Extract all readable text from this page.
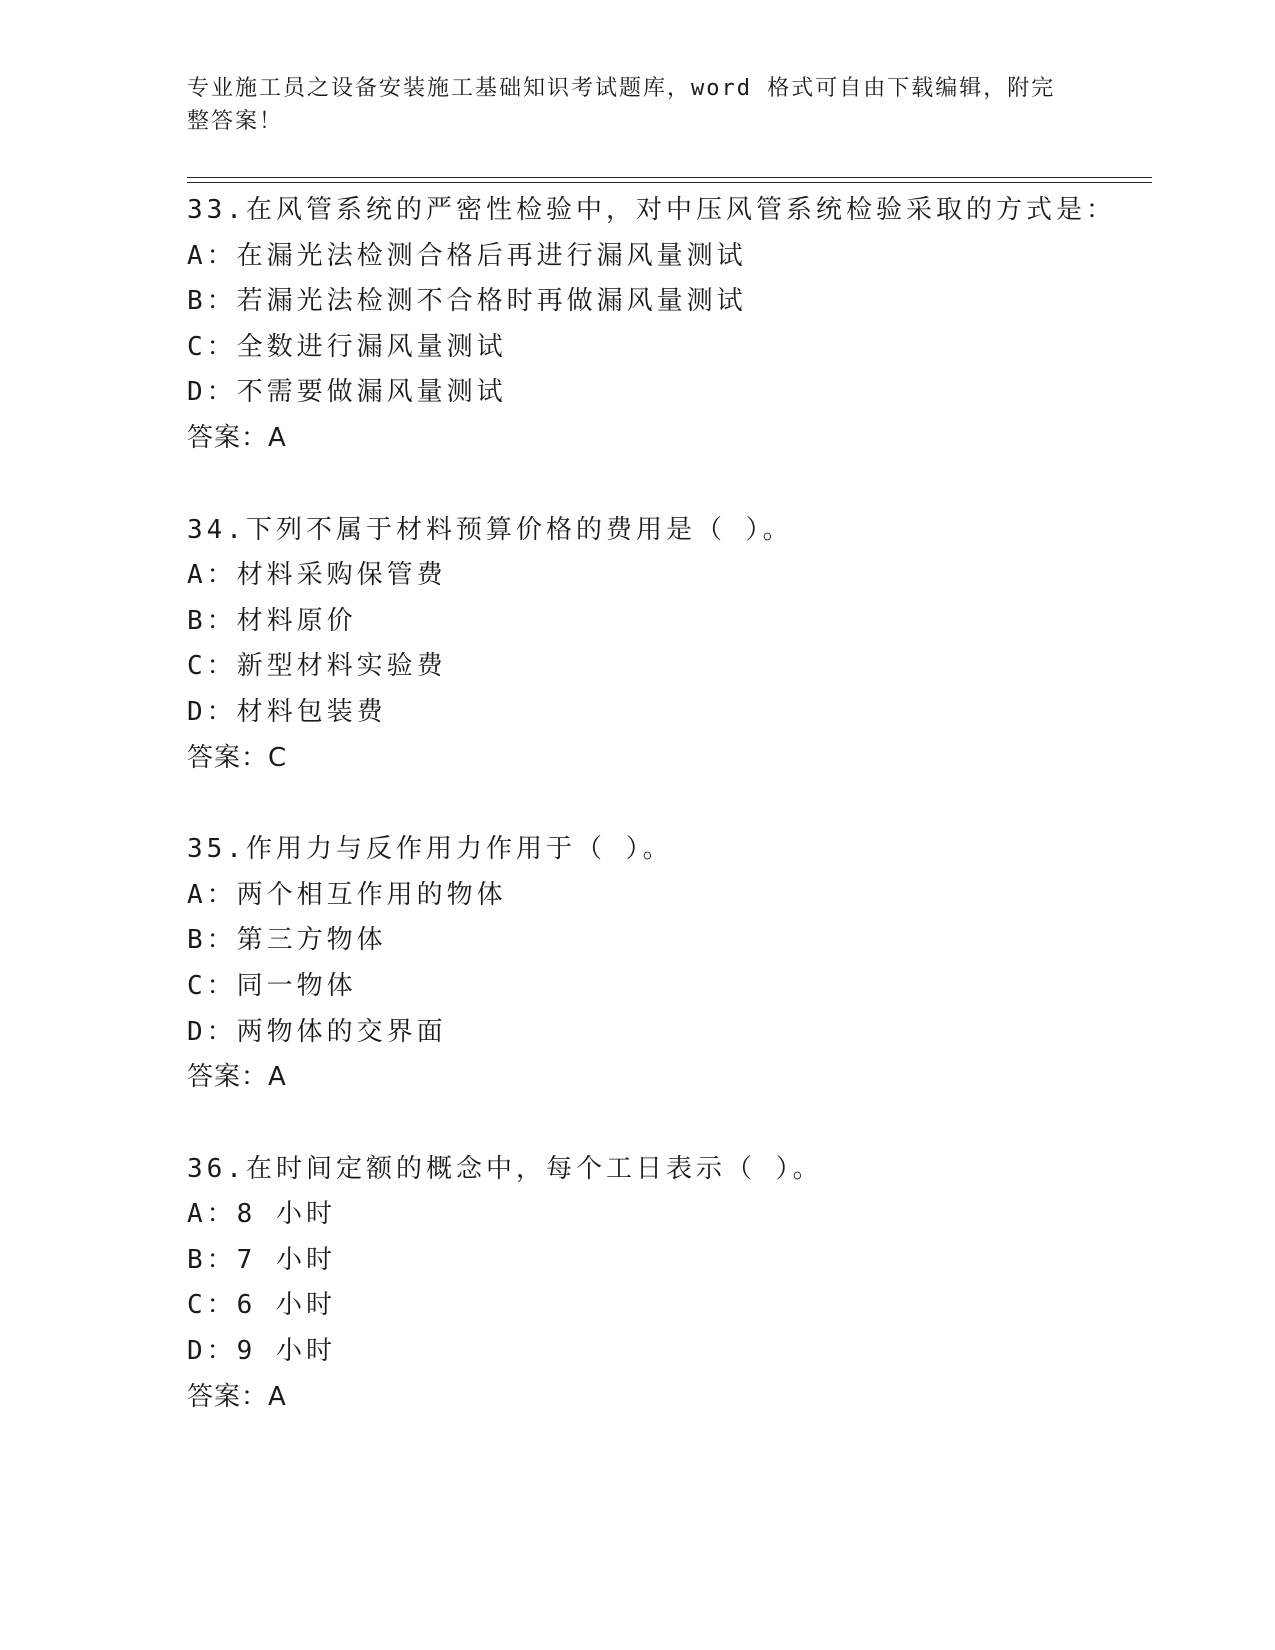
专业施工员之设备安装施工基础知识考试题库，word 格式可自由下载编辑，附完整答案！
33.在风管系统的严密性检验中，对中压风管系统检验采取的方式是：
A：在漏光法检测合格后再进行漏风量测试
B：若漏光法检测不合格时再做漏风量测试
C：全数进行漏风量测试
D：不需要做漏风量测试
答案：A
34.下列不属于材料预算价格的费用是（ ）。
A：材料采购保管费
B：材料原价
C：新型材料实验费
D：材料包装费
答案：C
35.作用力与反作用力作用于（ ）。
A：两个相互作用的物体
B：第三方物体
C：同一物体
D：两物体的交界面
答案：A
36.在时间定额的概念中，每个工日表示（ ）。
A：8 小时
B：7 小时
C：6 小时
D：9 小时
答案：A
